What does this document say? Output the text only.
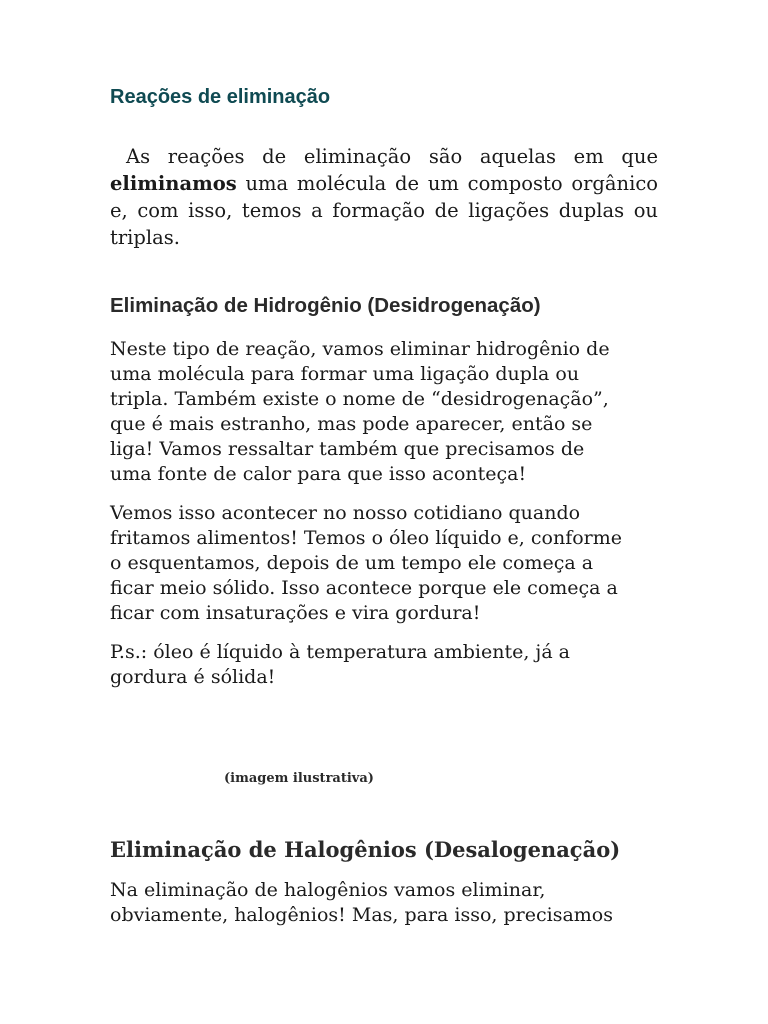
Reações de eliminação

As reações de eliminação são aquelas em que eliminamos uma molécula de um composto orgânico e, com isso, temos a formação de ligações duplas ou triplas.

Eliminação de Hidrogênio (Desidrogenação)

Neste tipo de reação, vamos eliminar hidrogênio de
uma molécula para formar uma ligação dupla ou
tripla. Também existe o nome de “desidrogenação”,
que é mais estranho, mas pode aparecer, então se
liga! Vamos ressaltar também que precisamos de
uma fonte de calor para que isso aconteça!

Vemos isso acontecer no nosso cotidiano quando
fritamos alimentos! Temos o óleo líquido e, conforme
o esquentamos, depois de um tempo ele começa a
ficar meio sólido. Isso acontece porque ele começa a
ficar com insaturações e vira gordura!

P.s.: óleo é líquido à temperatura ambiente, já a
gordura é sólida!

(imagem ilustrativa)

Eliminação de Halogênios (Desalogenação)

Na eliminação de halogênios vamos eliminar,
obviamente, halogênios! Mas, para isso, precisamos
